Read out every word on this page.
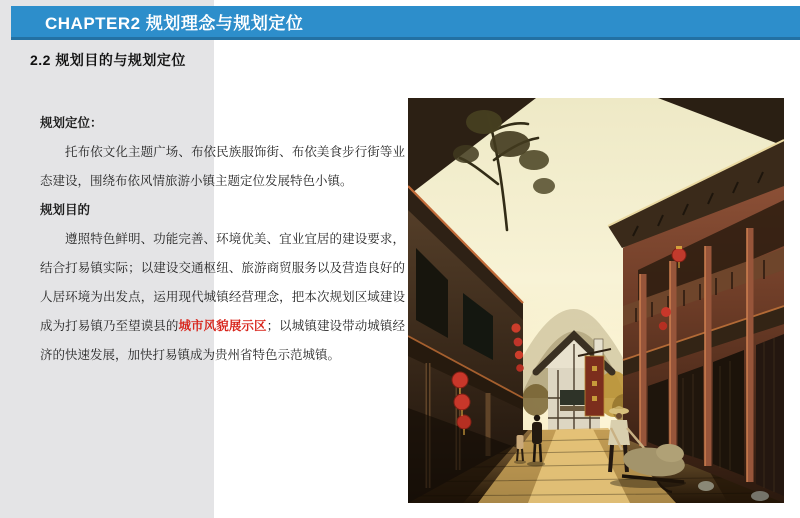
CHAPTER2 规划理念与规划定位
2.2 规划目的与规划定位

规划定位：

托布依文化主题广场、布依民族服饰街、布依美食步行街等业态建设，围绕布依风情旅游小镇主题定位发展特色小镇。

规划目的

遵照特色鲜明、功能完善、环境优美、宜业宜居的建设要求，结合打易镇实际；以建设交通枢纽、旅游商贸服务以及营造良好的人居环境为出发点，运用现代城镇经营理念，把本次规划区域建设成为打易镇乃至望谟县的城市风貌展示区；以城镇建设带动城镇经济的快速发展，加快打易镇成为贵州省特色示范城镇。
